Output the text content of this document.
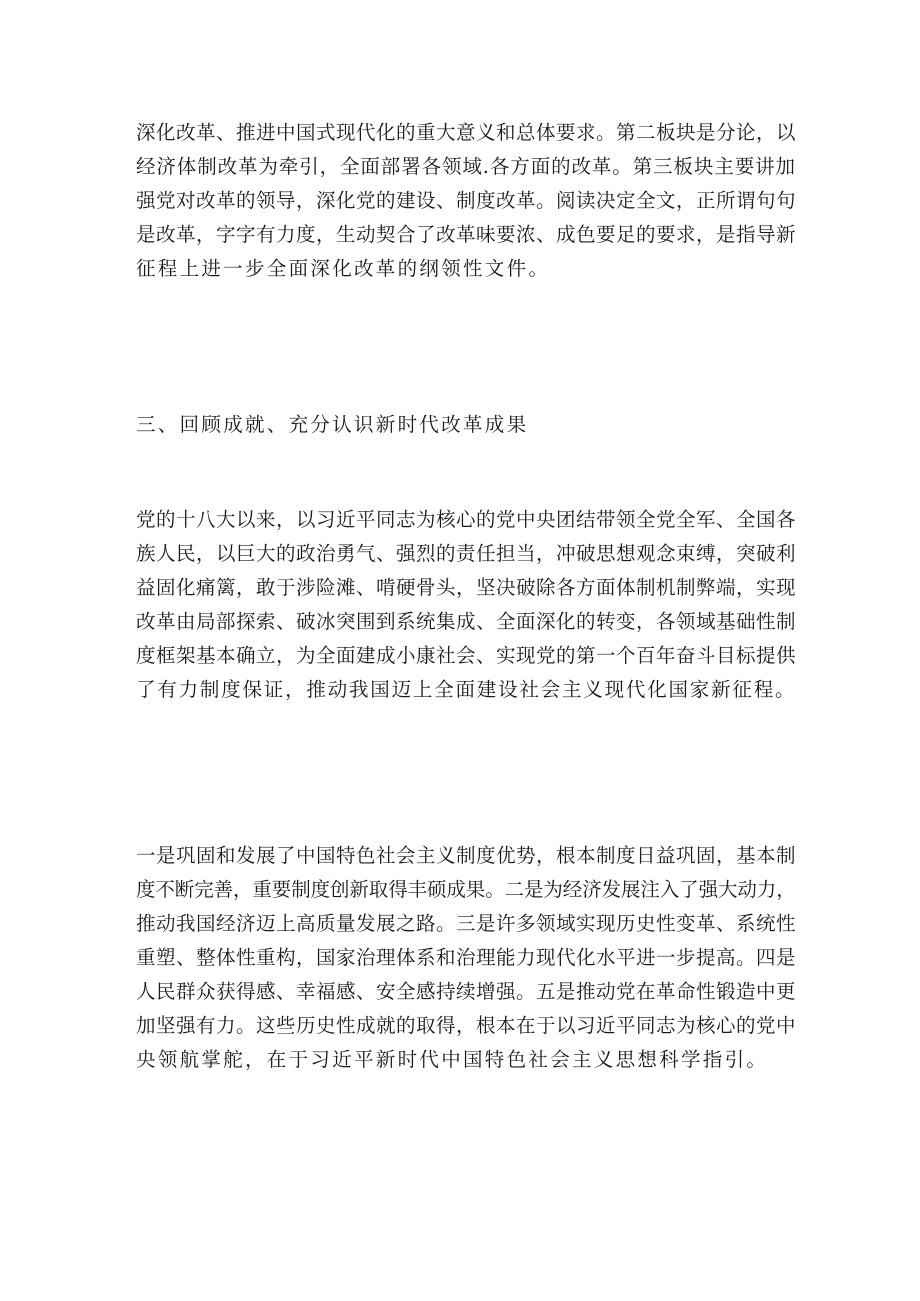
深化改革、推进中国式现代化的重大意义和总体要求。第二板块是分论，以
经济体制改革为牵引，全面部署各领域.各方面的改革。第三板块主要讲加
强党对改革的领导，深化党的建设、制度改革。阅读决定全文，正所谓句句
是改革，字字有力度，生动契合了改革味要浓、成色要足的要求，是指导新
征程上进一步全面深化改革的纲领性文件。
三、回顾成就、充分认识新时代改革成果
党的十八大以来，以习近平同志为核心的党中央团结带领全党全军、全国各
族人民，以巨大的政治勇气、强烈的责任担当，冲破思想观念束缚，突破利
益固化痛篱，敢于涉险滩、啃硬骨头，坚决破除各方面体制机制弊端，实现
改革由局部探索、破冰突围到系统集成、全面深化的转变，各领域基础性制
度框架基本确立，为全面建成小康社会、实现党的第一个百年奋斗目标提供
了有力制度保证，推动我国迈上全面建设社会主义现代化国家新征程。
一是巩固和发展了中国特色社会主义制度优势，根本制度日益巩固，基本制
度不断完善，重要制度创新取得丰硕成果。二是为经济发展注入了强大动力，
推动我国经济迈上高质量发展之路。三是许多领域实现历史性变革、系统性
重塑、整体性重构，国家治理体系和治理能力现代化水平进一步提高。四是
人民群众获得感、幸福感、安全感持续增强。五是推动党在革命性锻造中更
加坚强有力。这些历史性成就的取得，根本在于以习近平同志为核心的党中
央领航掌舵，在于习近平新时代中国特色社会主义思想科学指引。
